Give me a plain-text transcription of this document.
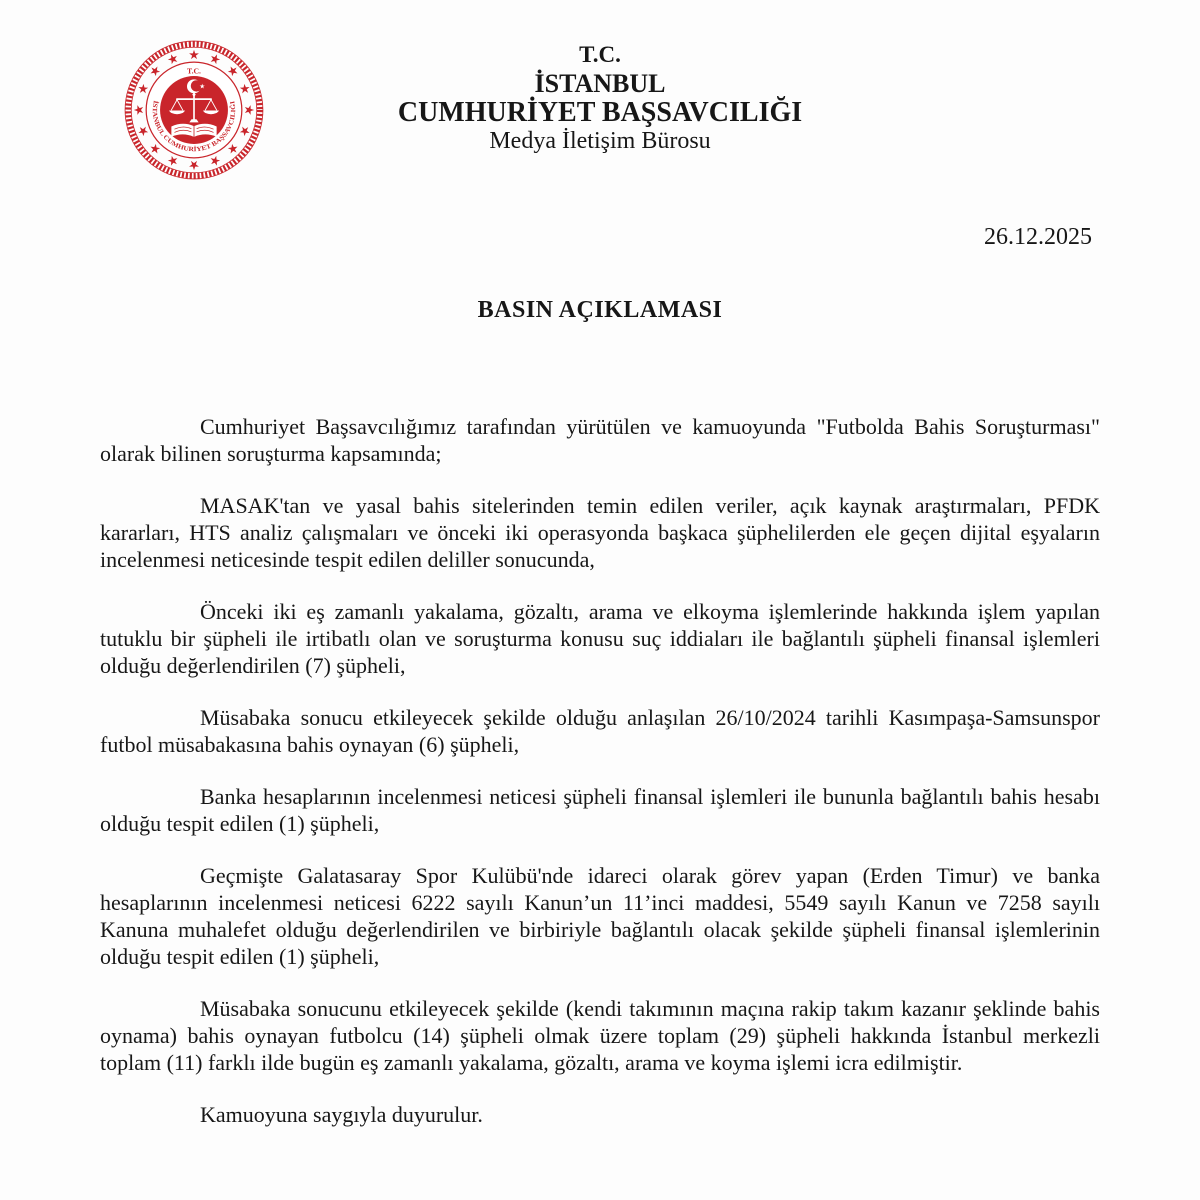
T.C.
İSTANBUL CUMHURİYET BAŞSAVCILIĞI
T.C.
İSTANBUL
CUMHURİYET BAŞSAVCILIĞI
Medya İletişim Bürosu
26.12.2025
BASIN AÇIKLAMASI

Cumhuriyet Başsavcılığımız tarafından yürütülen ve kamuoyunda "Futbolda Bahis Soruşturması" olarak bilinen soruşturma kapsamında;

MASAK'tan ve yasal bahis sitelerinden temin edilen veriler, açık kaynak araştırmaları, PFDK kararları, HTS analiz çalışmaları ve önceki iki operasyonda başkaca şüphelilerden ele geçen dijital eşyaların incelenmesi neticesinde tespit edilen deliller sonucunda,

Önceki iki eş zamanlı yakalama, gözaltı, arama ve elkoyma işlemlerinde hakkında işlem yapılan tutuklu bir şüpheli ile irtibatlı olan ve soruşturma konusu suç iddiaları ile bağlantılı şüpheli finansal işlemleri olduğu değerlendirilen (7) şüpheli,

Müsabaka sonucu etkileyecek şekilde olduğu anlaşılan 26/10/2024 tarihli Kasımpaşa-Samsunspor futbol müsabakasına bahis oynayan (6) şüpheli,

Banka hesaplarının incelenmesi neticesi şüpheli finansal işlemleri ile bununla bağlantılı bahis hesabı olduğu tespit edilen (1) şüpheli,

Geçmişte Galatasaray Spor Kulübü'nde idareci olarak görev yapan (Erden Timur) ve banka hesaplarının incelenmesi neticesi 6222 sayılı Kanun’un 11’inci maddesi, 5549 sayılı Kanun ve 7258 sayılı Kanuna muhalefet olduğu değerlendirilen ve birbiriyle bağlantılı olacak şekilde şüpheli finansal işlemlerinin olduğu tespit edilen (1) şüpheli,

Müsabaka sonucunu etkileyecek şekilde (kendi takımının maçına rakip takım kazanır şeklinde bahis oynama) bahis oynayan futbolcu (14) şüpheli olmak üzere toplam (29) şüpheli hakkında İstanbul merkezli toplam (11) farklı ilde bugün eş zamanlı yakalama, gözaltı, arama ve koyma işlemi icra edilmiştir.

Kamuoyuna saygıyla duyurulur.
